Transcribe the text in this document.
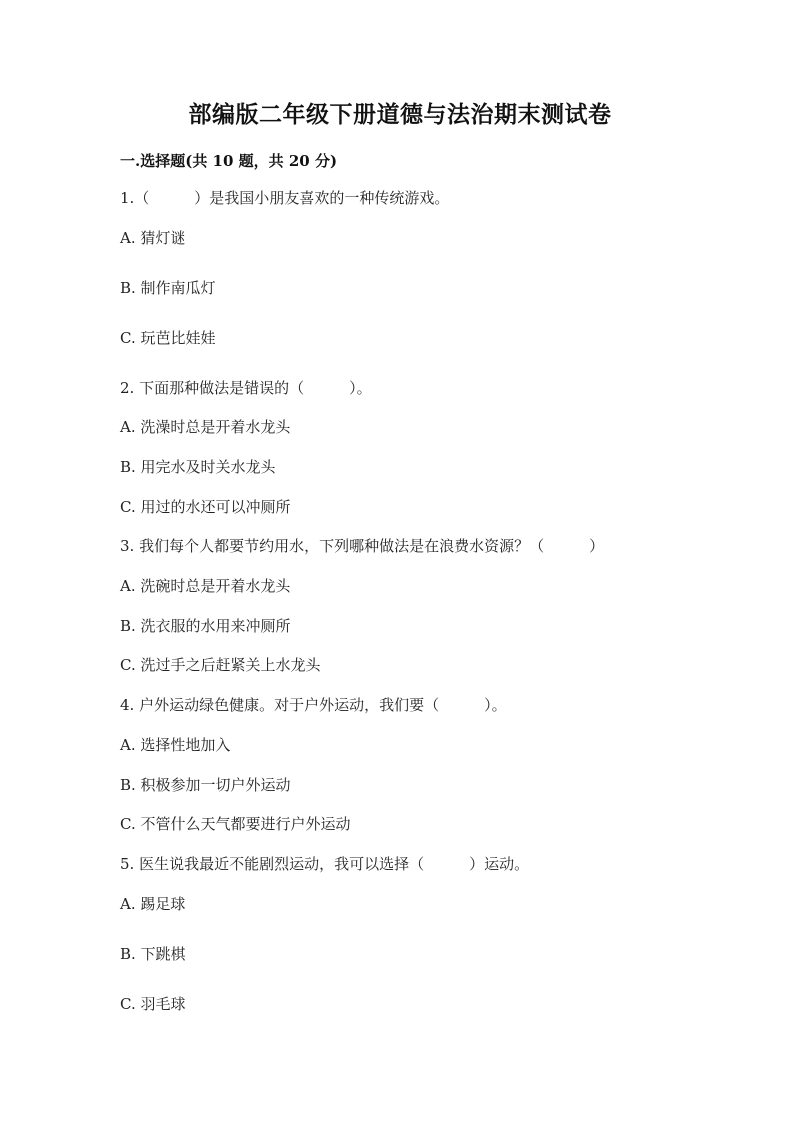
部编版二年级下册道德与法治期末测试卷
一.选择题(共 10 题，共 20 分)
1.（　　　）是我国小朋友喜欢的一种传统游戏。
A. 猜灯谜
B. 制作南瓜灯
C. 玩芭比娃娃
2. 下面那种做法是错误的（　　　）。
A. 洗澡时总是开着水龙头
B. 用完水及时关水龙头
C. 用过的水还可以冲厕所
3. 我们每个人都要节约用水，下列哪种做法是在浪费水资源？（　　　）
A. 洗碗时总是开着水龙头
B. 洗衣服的水用来冲厕所
C. 洗过手之后赶紧关上水龙头
4. 户外运动绿色健康。对于户外运动，我们要（　　　）。
A. 选择性地加入
B. 积极参加一切户外运动
C. 不管什么天气都要进行户外运动
5. 医生说我最近不能剧烈运动，我可以选择（　　　）运动。
A. 踢足球
B. 下跳棋
C. 羽毛球
